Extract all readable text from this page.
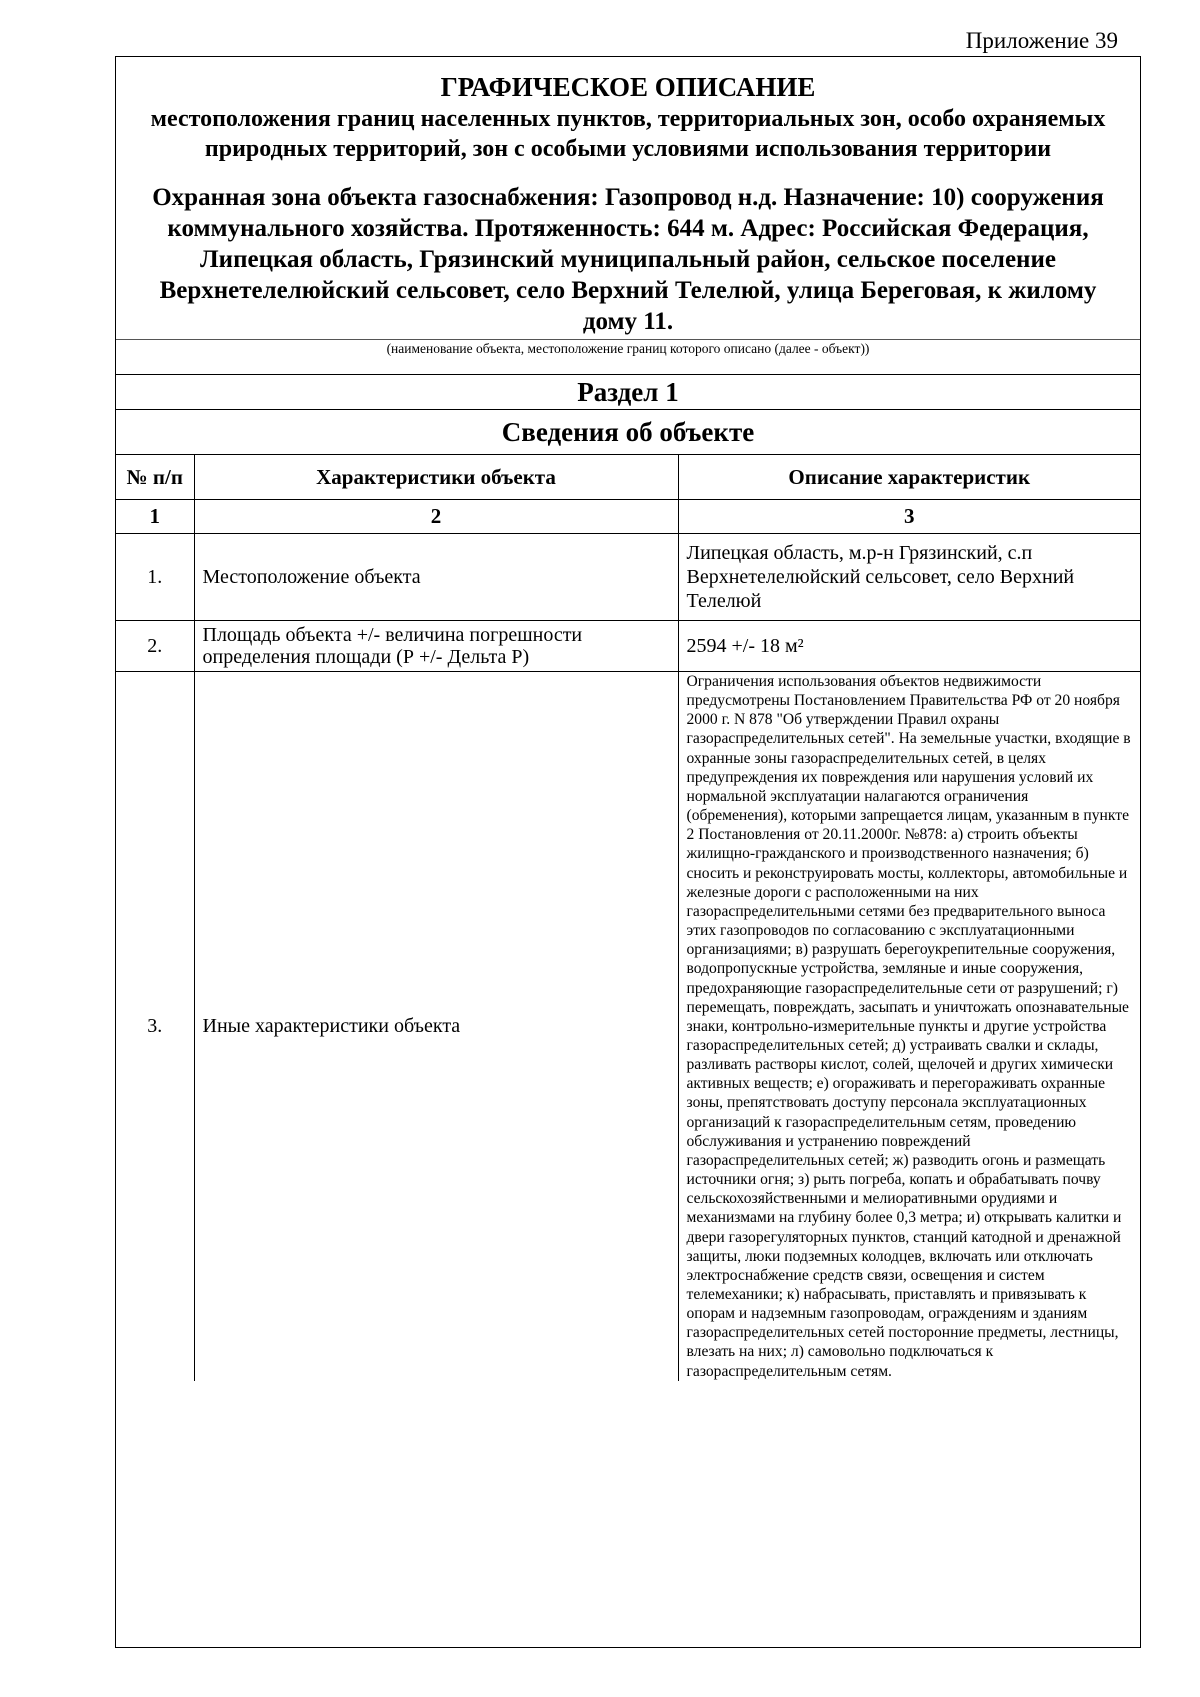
Приложение 39
ГРАФИЧЕСКОЕ ОПИСАНИЕ
местоположения границ населенных пунктов, территориальных зон, особо охраняемых природных территорий, зон с особыми условиями использования территории
Охранная зона объекта газоснабжения: Газопровод н.д. Назначение: 10) сооружения коммунального хозяйства. Протяженность: 644 м. Адрес: Российская Федерация, Липецкая область, Грязинский муниципальный район, сельское поселение Верхнетелелюйский сельсовет, село Верхний Телелюй, улица Береговая, к жилому дому 11.
(наименование объекта, местоположение границ которого описано (далее - объект))
Раздел 1
Сведения об объекте
№ п/п	Характеристики объекта	Описание характеристик
1	2	3
1.	Местоположение объекта	Липецкая область, м.р-н Грязинский, с.п Верхнетелелюйский сельсовет, село Верхний Телелюй
2.	Площадь объекта +/- величина погрешности определения площади (Р +/- Дельта Р)	2594 +/- 18 м²
3.	Иные характеристики объекта	Ограничения использования объектов недвижимости предусмотрены Постановлением Правительства РФ от 20 ноября 2000 г. N 878 "Об утверждении Правил охраны газораспределительных сетей". На земельные участки, входящие в охранные зоны газораспределительных сетей, в целях предупреждения их повреждения или нарушения условий их нормальной эксплуатации налагаются ограничения (обременения), которыми запрещается лицам, указанным в пункте 2 Постановления от 20.11.2000г. №878: а) строить объекты жилищно-гражданского и производственного назначения; б) сносить и реконструировать мосты, коллекторы, автомобильные и железные дороги с расположенными на них газораспределительными сетями без предварительного выноса этих газопроводов по согласованию с эксплуатационными организациями; в) разрушать берегоукрепительные сооружения, водопропускные устройства, земляные и иные сооружения, предохраняющие газораспределительные сети от разрушений; г) перемещать, повреждать, засыпать и уничтожать опознавательные знаки, контрольно-измерительные пункты и другие устройства газораспределительных сетей; д) устраивать свалки и склады, разливать растворы кислот, солей, щелочей и других химически активных веществ; е) огораживать и перегораживать охранные зоны, препятствовать доступу персонала эксплуатационных организаций к газораспределительным сетям, проведению обслуживания и устранению повреждений газораспределительных сетей; ж) разводить огонь и размещать источники огня; з) рыть погреба, копать и обрабатывать почву сельскохозяйственными и мелиоративными орудиями и механизмами на глубину более 0,3 метра; и) открывать калитки и двери газорегуляторных пунктов, станций катодной и дренажной защиты, люки подземных колодцев, включать или отключать электроснабжение средств связи, освещения и систем телемеханики; к) набрасывать, приставлять и привязывать к опорам и надземным газопроводам, ограждениям и зданиям газораспределительных сетей посторонние предметы, лестницы, влезать на них; л) самовольно подключаться к газораспределительным сетям.
